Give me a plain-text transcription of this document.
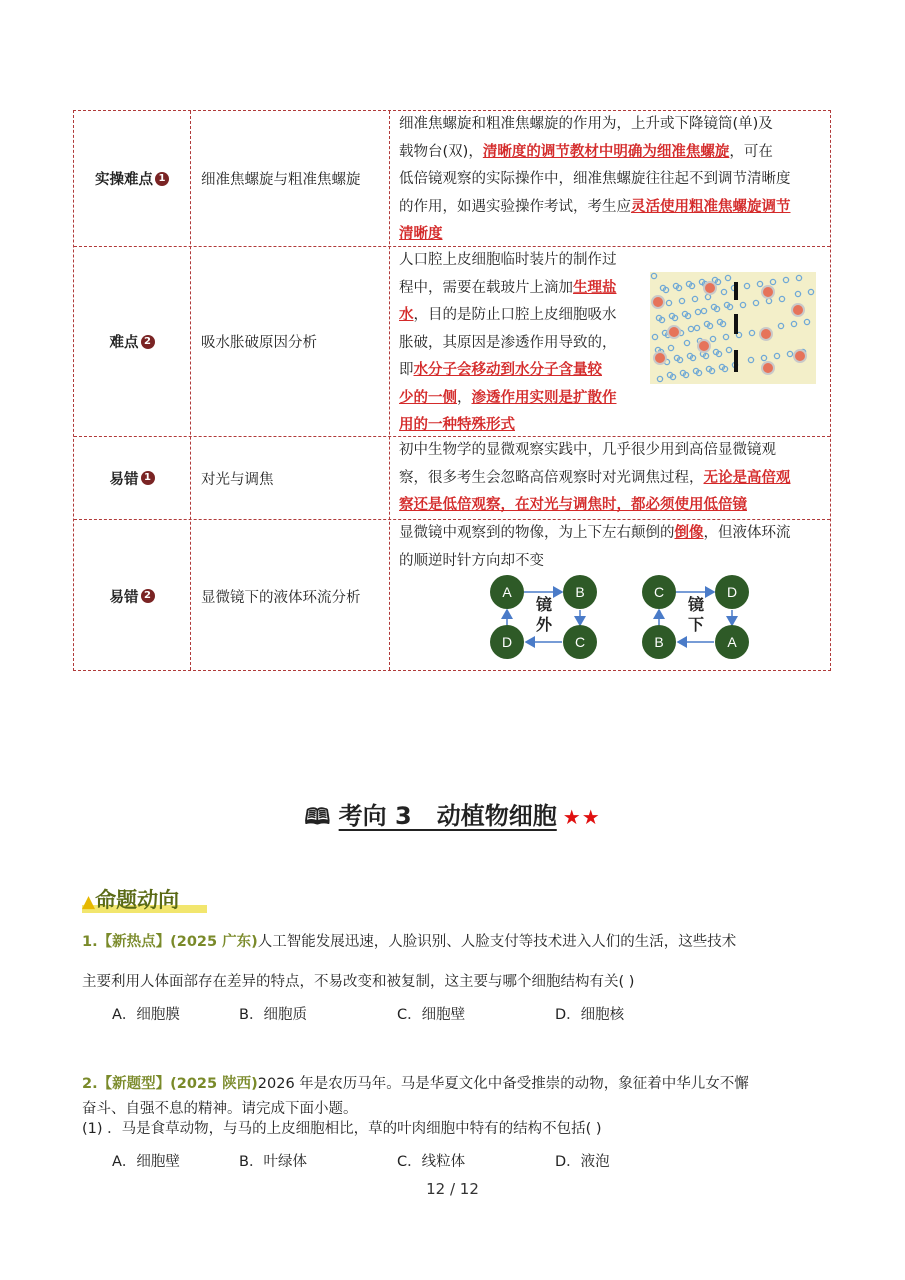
实操难点 1 细准焦螺旋与粗准焦螺旋
细准焦螺旋和粗准焦螺旋的作用为，上升或下降镜筒(单)及
载物台(双)，清晰度的调节教材中明确为细准焦螺旋，可在
低倍镜观察的实际操作中，细准焦螺旋往往起不到调节清晰度
的作用，如遇实验操作考试，考生应灵活使用粗准焦螺旋调节
清晰度
难点 2	吸水胀破原因分析
人口腔上皮细胞临时装片的制作过
程中，需要在载玻片上滴加生理盐
水，目的是防止口腔上皮细胞吸水
胀破，其原因是渗透作用导致的，
即水分子会移动到水分子含量较
少的一侧，渗透作用实则是扩散作
用的一种特殊形式
易错 1	对光与调焦
初中生物学的显微观察实践中，几乎很少用到高倍显微镜观
察，很多考生会忽略高倍观察时对光调焦过程，无论是高倍观
察还是低倍观察，在对光与调焦时，都必须使用低倍镜
易错 2	显微镜下的液体环流分析
显微镜中观察到的物像，为上下左右颠倒的倒像，但液体环流
的顺逆时针方向却不变
A	B
C
D
镜
外
C	D
A
B
镜
下
🕮 考向 3   动植物细胞 ★★
▲命题动向
1.【新热点】(2025 广东)人工智能发展迅速，人脸识别、人脸支付等技术进入人们的生活，这些技术
主要利用人体面部存在差异的特点，不易改变和被复制，这主要与哪个细胞结构有关( )
A．细胞膜	B．细胞质	C．细胞壁	D．细胞核
2.【新题型】(2025 陕西)2026 年是农历马年。马是华夏文化中备受推崇的动物，象征着中华儿女不懈
奋斗、自强不息的精神。请完成下面小题。
(1) ．马是食草动物，与马的上皮细胞相比，草的叶肉细胞中特有的结构不包括( )
A．细胞壁	B．叶绿体	C．线粒体	D．液泡
12 / 12
